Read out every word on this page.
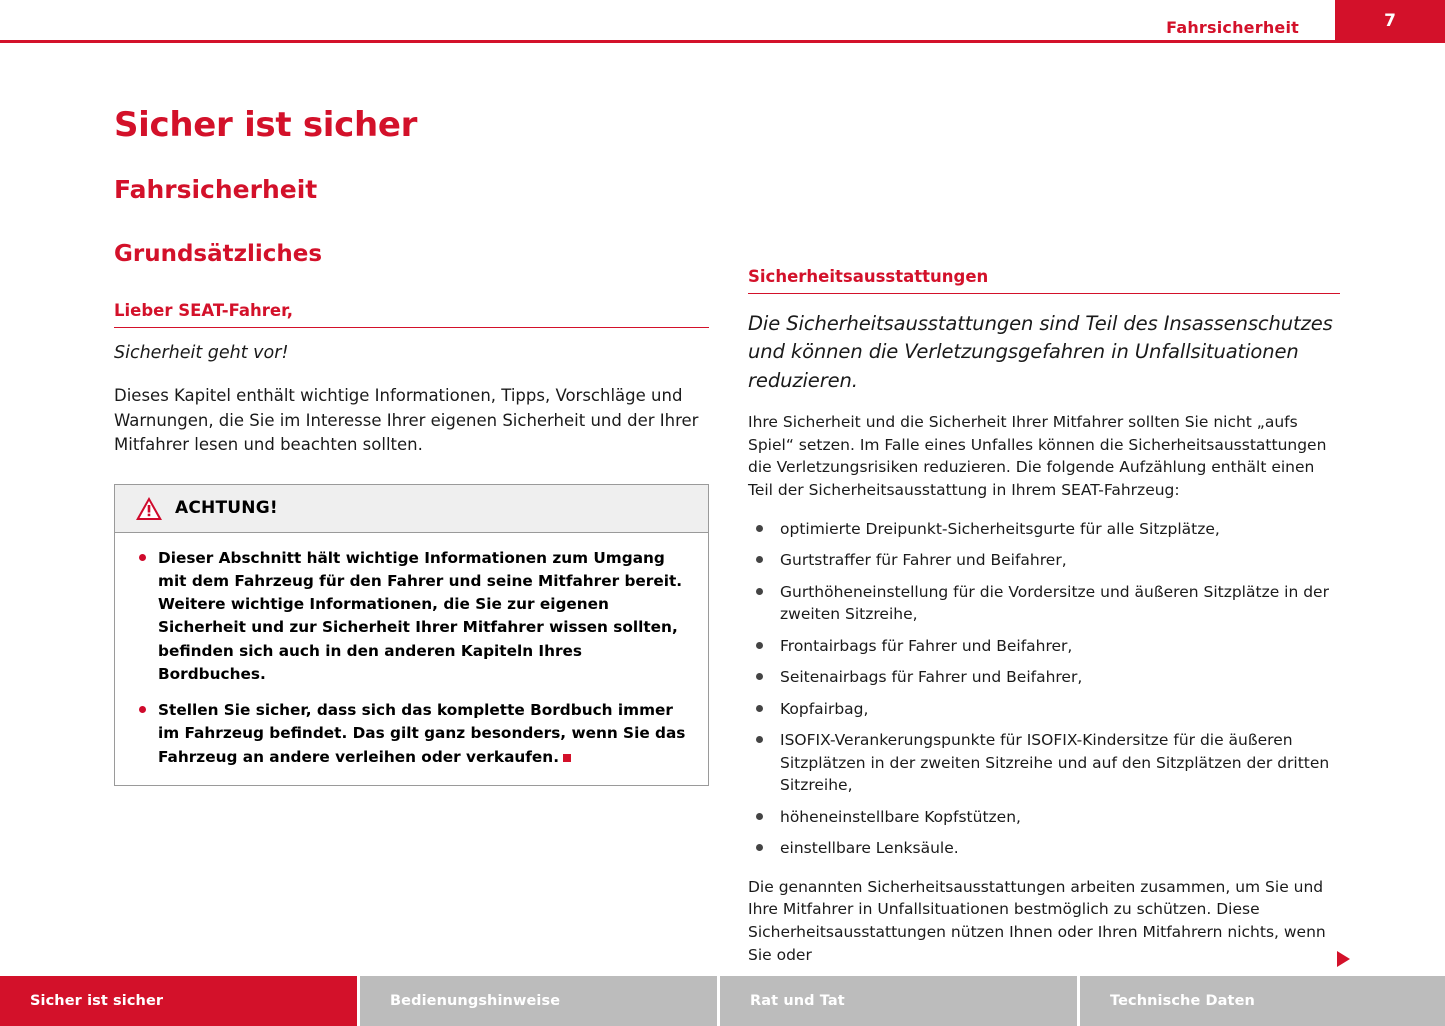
Fahrsicherheit	7
Sicher ist sicher
Fahrsicherheit
Grundsätzliches
Lieber SEAT-Fahrer,
Sicherheit geht vor!

Dieses Kapitel enthält wichtige Informationen, Tipps, Vorschläge und Warnungen, die Sie im Interesse Ihrer eigenen Sicherheit und der Ihrer Mitfahrer lesen und beachten sollten.

ACHTUNG!
Dieser Abschnitt hält wichtige Informationen zum Umgang mit dem Fahrzeug für den Fahrer und seine Mitfahrer bereit. Weitere wichtige Informationen, die Sie zur eigenen Sicherheit und zur Sicherheit Ihrer Mitfahrer wissen sollten, befinden sich auch in den anderen Kapiteln Ihres Bordbuches.
Stellen Sie sicher, dass sich das komplette Bordbuch immer im Fahrzeug befindet. Das gilt ganz besonders, wenn Sie das Fahrzeug an andere verleihen oder verkaufen.
Sicherheitsausstattungen
Die Sicherheitsausstattungen sind Teil des Insassenschutzes und können die Verletzungsgefahren in Unfallsituationen reduzieren.

Ihre Sicherheit und die Sicherheit Ihrer Mitfahrer sollten Sie nicht „aufs Spiel“ setzen. Im Falle eines Unfalles können die Sicherheitsausstattungen die Verletzungsrisiken reduzieren. Die folgende Aufzählung enthält einen Teil der Sicherheitsausstattung in Ihrem SEAT-Fahrzeug:

optimierte Dreipunkt-Sicherheitsgurte für alle Sitzplätze,
Gurtstraffer für Fahrer und Beifahrer,
Gurthöheneinstellung für die Vordersitze und äußeren Sitzplätze in der zweiten Sitzreihe,
Frontairbags für Fahrer und Beifahrer,
Seitenairbags für Fahrer und Beifahrer,
Kopfairbag,
ISOFIX-Verankerungspunkte für ISOFIX-Kindersitze für die äußeren Sitzplätzen in der zweiten Sitzreihe und auf den Sitzplätzen der dritten Sitzreihe,
höheneinstellbare Kopfstützen,
einstellbare Lenksäule.

Die genannten Sicherheitsausstattungen arbeiten zusammen, um Sie und Ihre Mitfahrer in Unfallsituationen bestmöglich zu schützen. Diese Sicherheitsausstattungen nützen Ihnen oder Ihren Mitfahrern nichts, wenn Sie oder

Sicher ist sicher	Bedienungshinweise	Rat und Tat	Technische Daten
